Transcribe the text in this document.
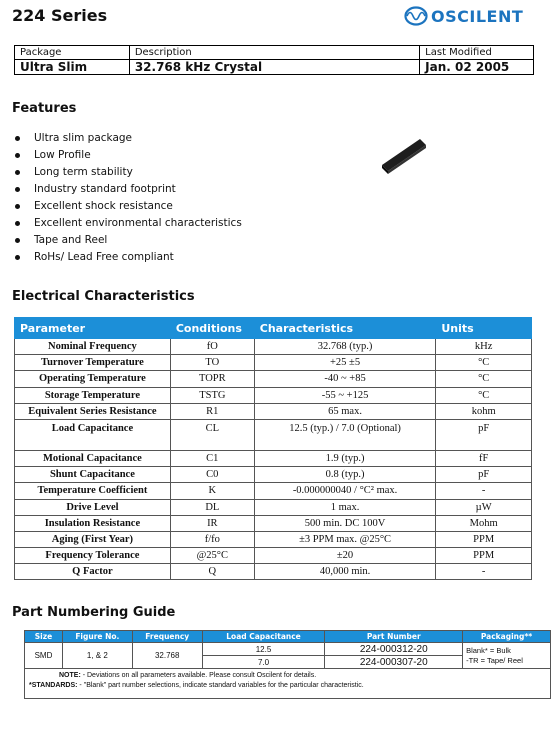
224 Series	OSCILENT
Package	Description	Last Modified
Ultra Slim	32.768 kHz Crystal	Jan. 02 2005
Features
Ultra slim package
Low Profile
Long term stability
Industry standard footprint
Excellent shock resistance
Excellent environmental characteristics
Tape and Reel
RoHs/ Lead Free compliant
Electrical Characteristics
Parameter	Conditions	Characteristics	Units
Nominal Frequency	fO	32.768 (typ.)	kHz
Turnover Temperature	TO	+25 ±5	°C
Operating Temperature	TOPR	-40 ~ +85	°C
Storage Temperature	TSTG	-55 ~ +125	°C
Equivalent Series Resistance	R1	65 max.	kohm
Load Capacitance	CL	12.5 (typ.) / 7.0 (Optional)	pF
Motional Capacitance	C1	1.9 (typ.)	fF
Shunt Capacitance	C0	0.8 (typ.)	pF
Temperature Coefficient	K	-0.000000040 / °C² max.	-
Drive Level	DL	1 max.	µW
Insulation Resistance	IR	500 min. DC 100V	Mohm
Aging (First Year)	f/fo	±3 PPM max. @25°C	PPM
Frequency Tolerance	@25°C	±20	PPM
Q Factor	Q	40,000 min.	-
Part Numbering Guide
Size	Figure No.	Frequency	Load Capacitance	Part Number	Packaging**
SMD	1, & 2	32.768	12.5	224-000312-20	Blank* = Bulk
-TR = Tape/ Reel

			7.0	224-000307-20	

NOTE: - Deviations on all parameters available. Please consult Oscilent for details.
*STANDARDS: - "Blank" part number selections, indicate standard variables for the particular characteristic.					
